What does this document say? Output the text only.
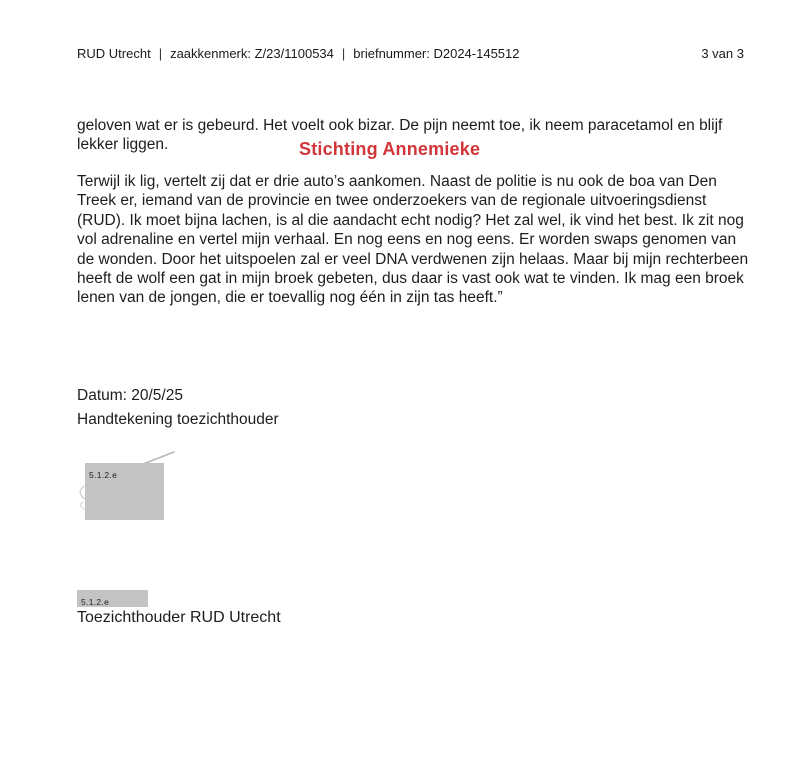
RUD Utrecht | zaakkenmerk: Z/23/1100534 | briefnummer: D2024-145512	3 van 3

geloven wat er is gebeurd. Het voelt ook bizar. De pijn neemt toe, ik neem paracetamol en blijf lekker liggen.	Stichting Annemieke

Terwijl ik lig, vertelt zij dat er drie auto’s aankomen. Naast de politie is nu ook de boa van Den Treek er, iemand van de provincie en twee onderzoekers van de regionale uitvoeringsdienst (RUD). Ik moet bijna lachen, is al die aandacht echt nodig? Het zal wel, ik vind het best. Ik zit nog vol adrenaline en vertel mijn verhaal. En nog eens en nog eens. Er worden swaps genomen van de wonden. Door het uitspoelen zal er veel DNA verdwenen zijn helaas. Maar bij mijn rechterbeen heeft de wolf een gat in mijn broek gebeten, dus daar is vast ook wat te vinden. Ik mag een broek lenen van de jongen, die er toevallig nog één in zijn tas heeft.”

Datum: 20/5/25
Handtekening toezichthouder
5.1.2.e
5.1.2.e
Toezichthouder RUD Utrecht
